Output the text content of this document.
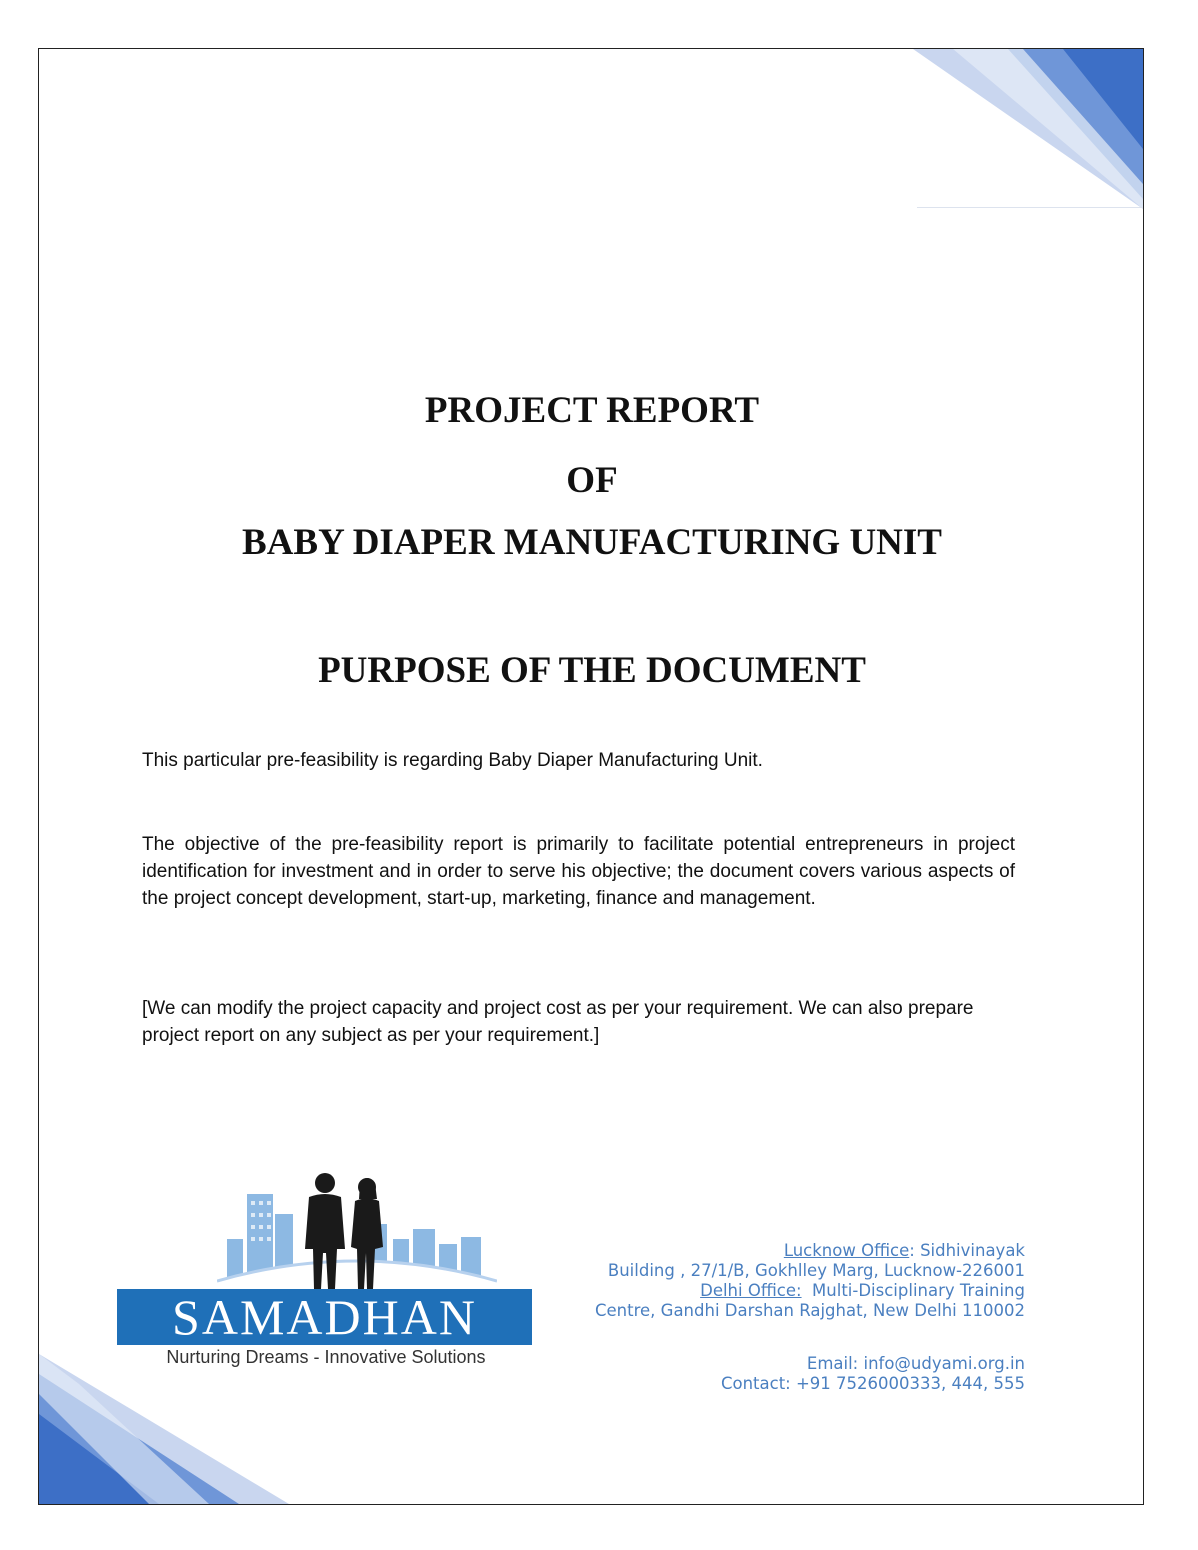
PROJECT REPORT
OF
BABY DIAPER MANUFACTURING UNIT
PURPOSE OF THE DOCUMENT

This particular pre-feasibility is regarding Baby Diaper Manufacturing Unit.

The objective of the pre-feasibility report is primarily to facilitate potential entrepreneurs in project identification for investment and in order to serve his objective; the document covers various aspects of the project concept development, start-up, marketing, finance and management.

[We can modify the project capacity and project cost as per your requirement. We can also prepare project report on any subject as per your requirement.]

SAMADHAN
Nurturing Dreams - Innovative Solutions
Lucknow Office: Sidhivinayak
Building , 27/1/B, Gokhlley Marg, Lucknow-226001
Delhi Office:  Multi-Disciplinary Training
Centre, Gandhi Darshan Rajghat, New Delhi 110002
Email: info@udyami.org.in
Contact: +91 7526000333, 444, 555
